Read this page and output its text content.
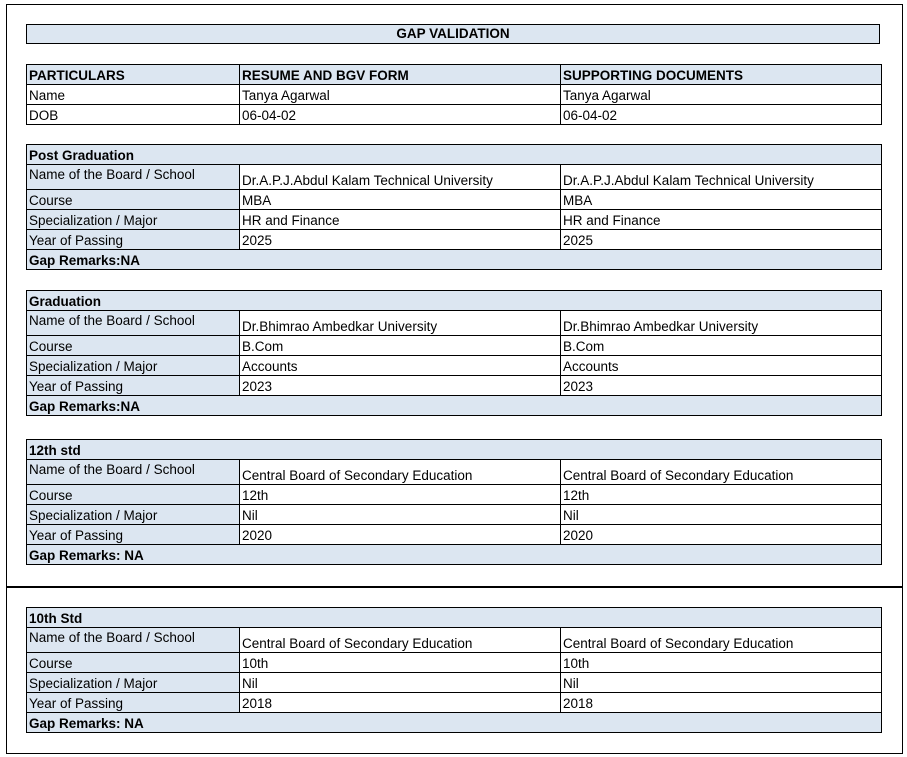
GAP VALIDATION
PARTICULARS	RESUME AND BGV FORM	SUPPORTING DOCUMENTS
Name	Tanya Agarwal	Tanya Agarwal
DOB	06-04-02	06-04-02
Post Graduation		
Name of the Board / School	Dr.A.P.J.Abdul Kalam Technical University	Dr.A.P.J.Abdul Kalam Technical University
Course	MBA	MBA
Specialization / Major	HR and Finance	HR and Finance
Year of Passing	2025	2025
Gap Remarks:NA		
Graduation		
Name of the Board / School	Dr.Bhimrao Ambedkar University	Dr.Bhimrao Ambedkar University
Course	B.Com	B.Com
Specialization / Major	Accounts	Accounts
Year of Passing	2023	2023
Gap Remarks:NA		
12th std		
Name of the Board / School	Central Board of Secondary Education	Central Board of Secondary Education
Course	12th	12th
Specialization / Major	Nil	Nil
Year of Passing	2020	2020
Gap Remarks: NA		
10th Std		
Name of the Board / School	Central Board of Secondary Education	Central Board of Secondary Education
Course	10th	10th
Specialization / Major	Nil	Nil
Year of Passing	2018	2018
Gap Remarks: NA		
